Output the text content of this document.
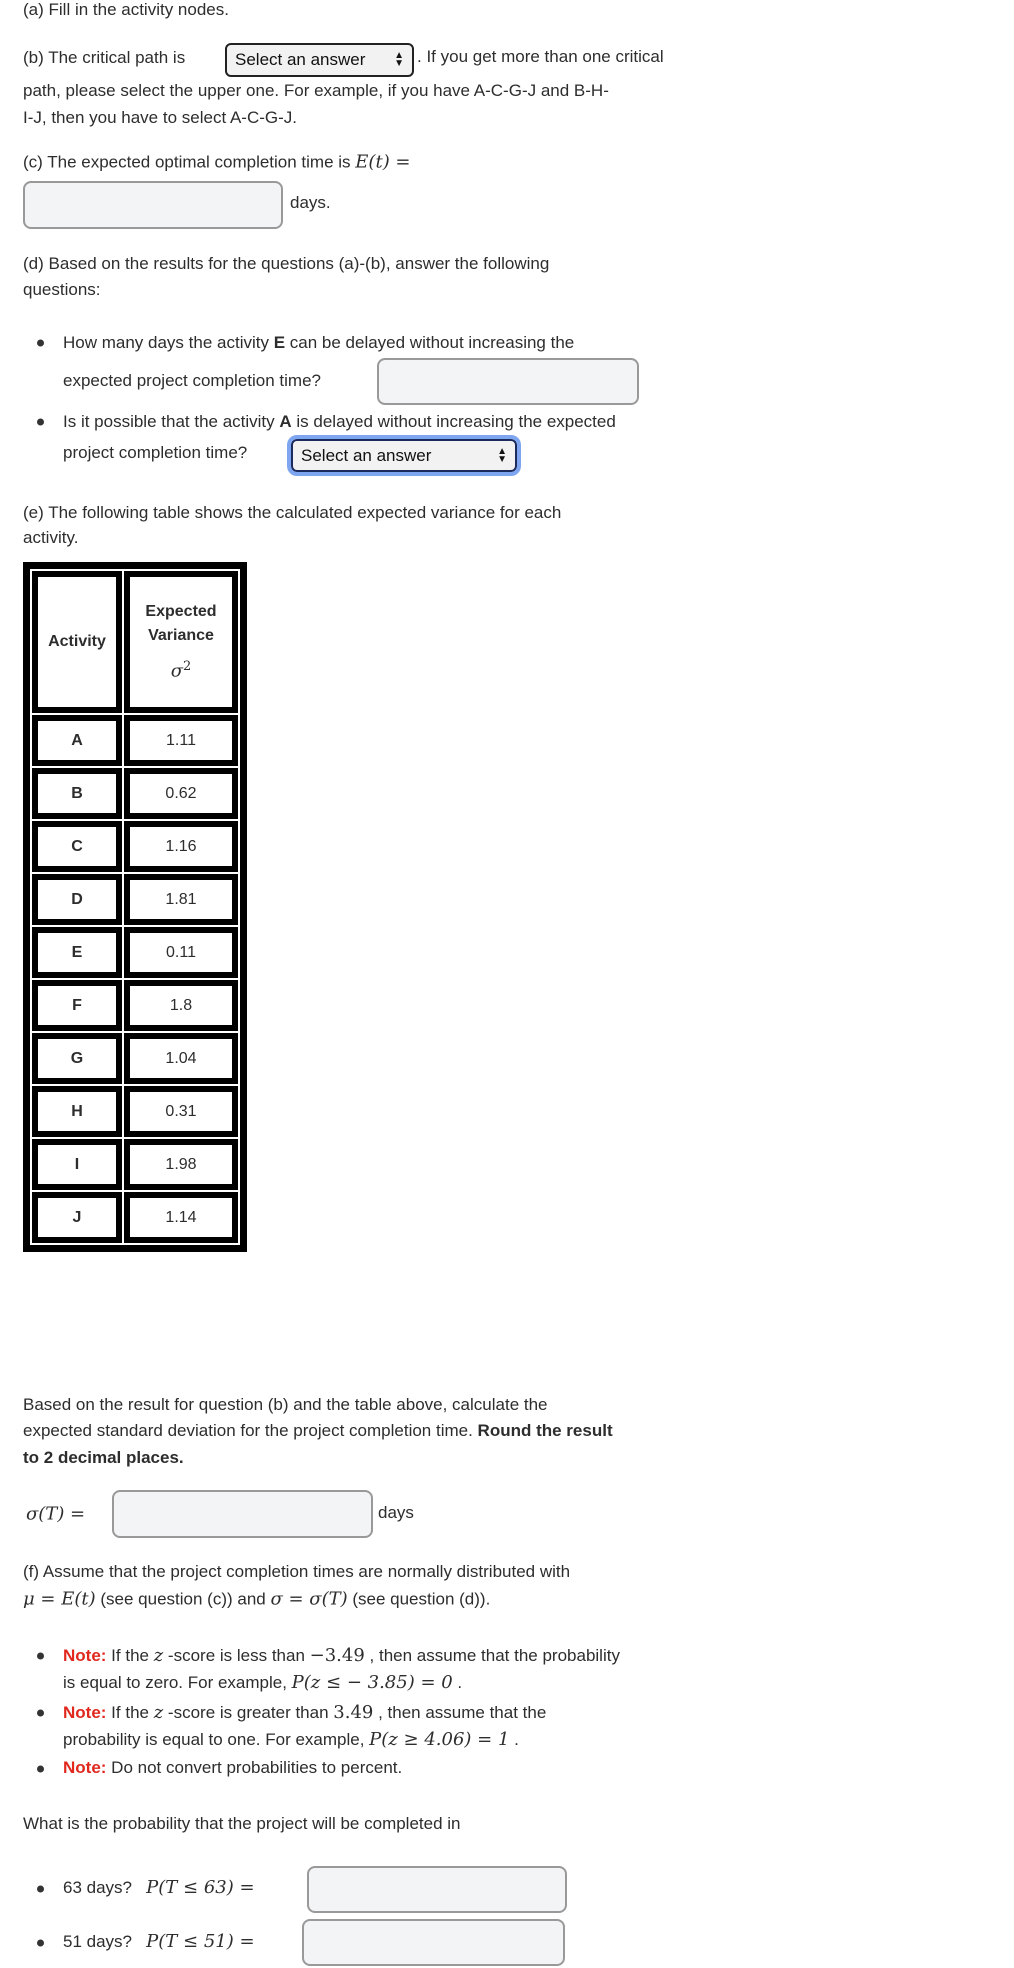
(a) Fill in the activity nodes.
(b) The critical path is	Select an answer	▲
▼ . If you get more than one critical
path, please select the upper one. For example, if you have A-C-G-J and B-H-
I-J, then you have to select A-C-G-J.
(c) The expected optimal completion time is E(t) =
days.
(d) Based on the results for the questions (a)-(b), answer the following
questions:
How many days the activity E can be delayed without increasing the
expected project completion time?
Is it possible that the activity A is delayed without increasing the expected
project completion time?	Select an answer	▲
▼
(e) The following table shows the calculated expected variance for each
activity.
Activity	Expected
Variance
$\sigma^2$

A	1.11
B	0.62
C	1.16
D	1.81
E	0.11
F	1.8
G	1.04
H	0.31
I	1.98
J	1.14
Based on the result for question (b) and the table above, calculate the
expected standard deviation for the project completion time. Round the result
to 2 decimal places.
σ(T) =	days
(f) Assume that the project completion times are normally distributed with
μ = E(t) (see question (c)) and σ = σ(T) (see question (d)).
Note: If the z -score is less than −3.49 , then assume that the probability
is equal to zero. For example, P(z ≤ − 3.85) = 0 .
Note: If the z -score is greater than 3.49 , then assume that the
probability is equal to one. For example, P(z ≥ 4.06) = 1 .
Note: Do not convert probabilities to percent.
What is the probability that the project will be completed in
63 days? P(T ≤ 63) =
51 days? P(T ≤ 51) =
